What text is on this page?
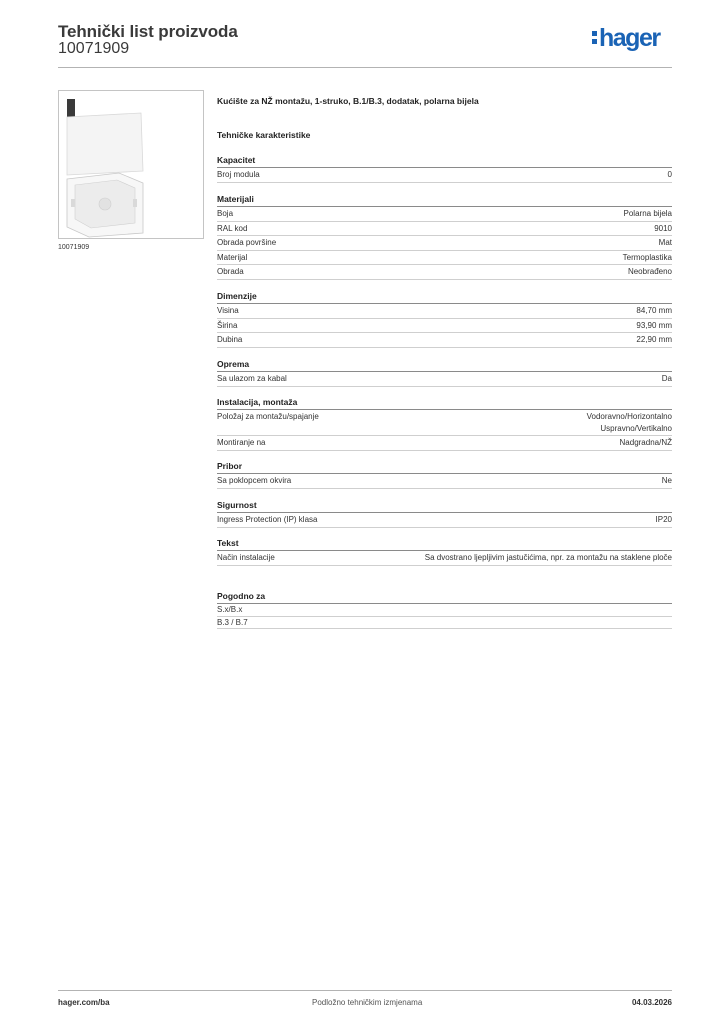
Tehnički list proizvoda
10071909	hager
10071909
Kućište za NŽ montažu, 1-struko, B.1/B.3, dodatak, polarna bijela
Tehničke karakteristike
Kapacitet
Broj modula	0
Materijali
Boja	Polarna bijela
RAL kod	9010
Obrada površine	Mat
Materijal	Termoplastika
Obrada	Neobrađeno
Dimenzije
Visina	84,70 mm
Širina	93,90 mm
Dubina	22,90 mm
Oprema
Sa ulazom za kabal	Da
Instalacija, montaža
Položaj za montažu/spajanje	Vodoravno/Horizontalno
Uspravno/Vertikalno
Montiranje na	Nadgradna/NŽ
Pribor
Sa poklopcem okvira	Ne
Sigurnost
Ingress Protection (IP) klasa	IP20
Tekst
Način instalacije	Sa dvostrano ljepljivim jastučićima, npr. za montažu na staklene ploče
Pogodno za
S.x/B.x
B.3 / B.7
hager.com/ba	Podložno tehničkim izmjenama	04.03.2026
